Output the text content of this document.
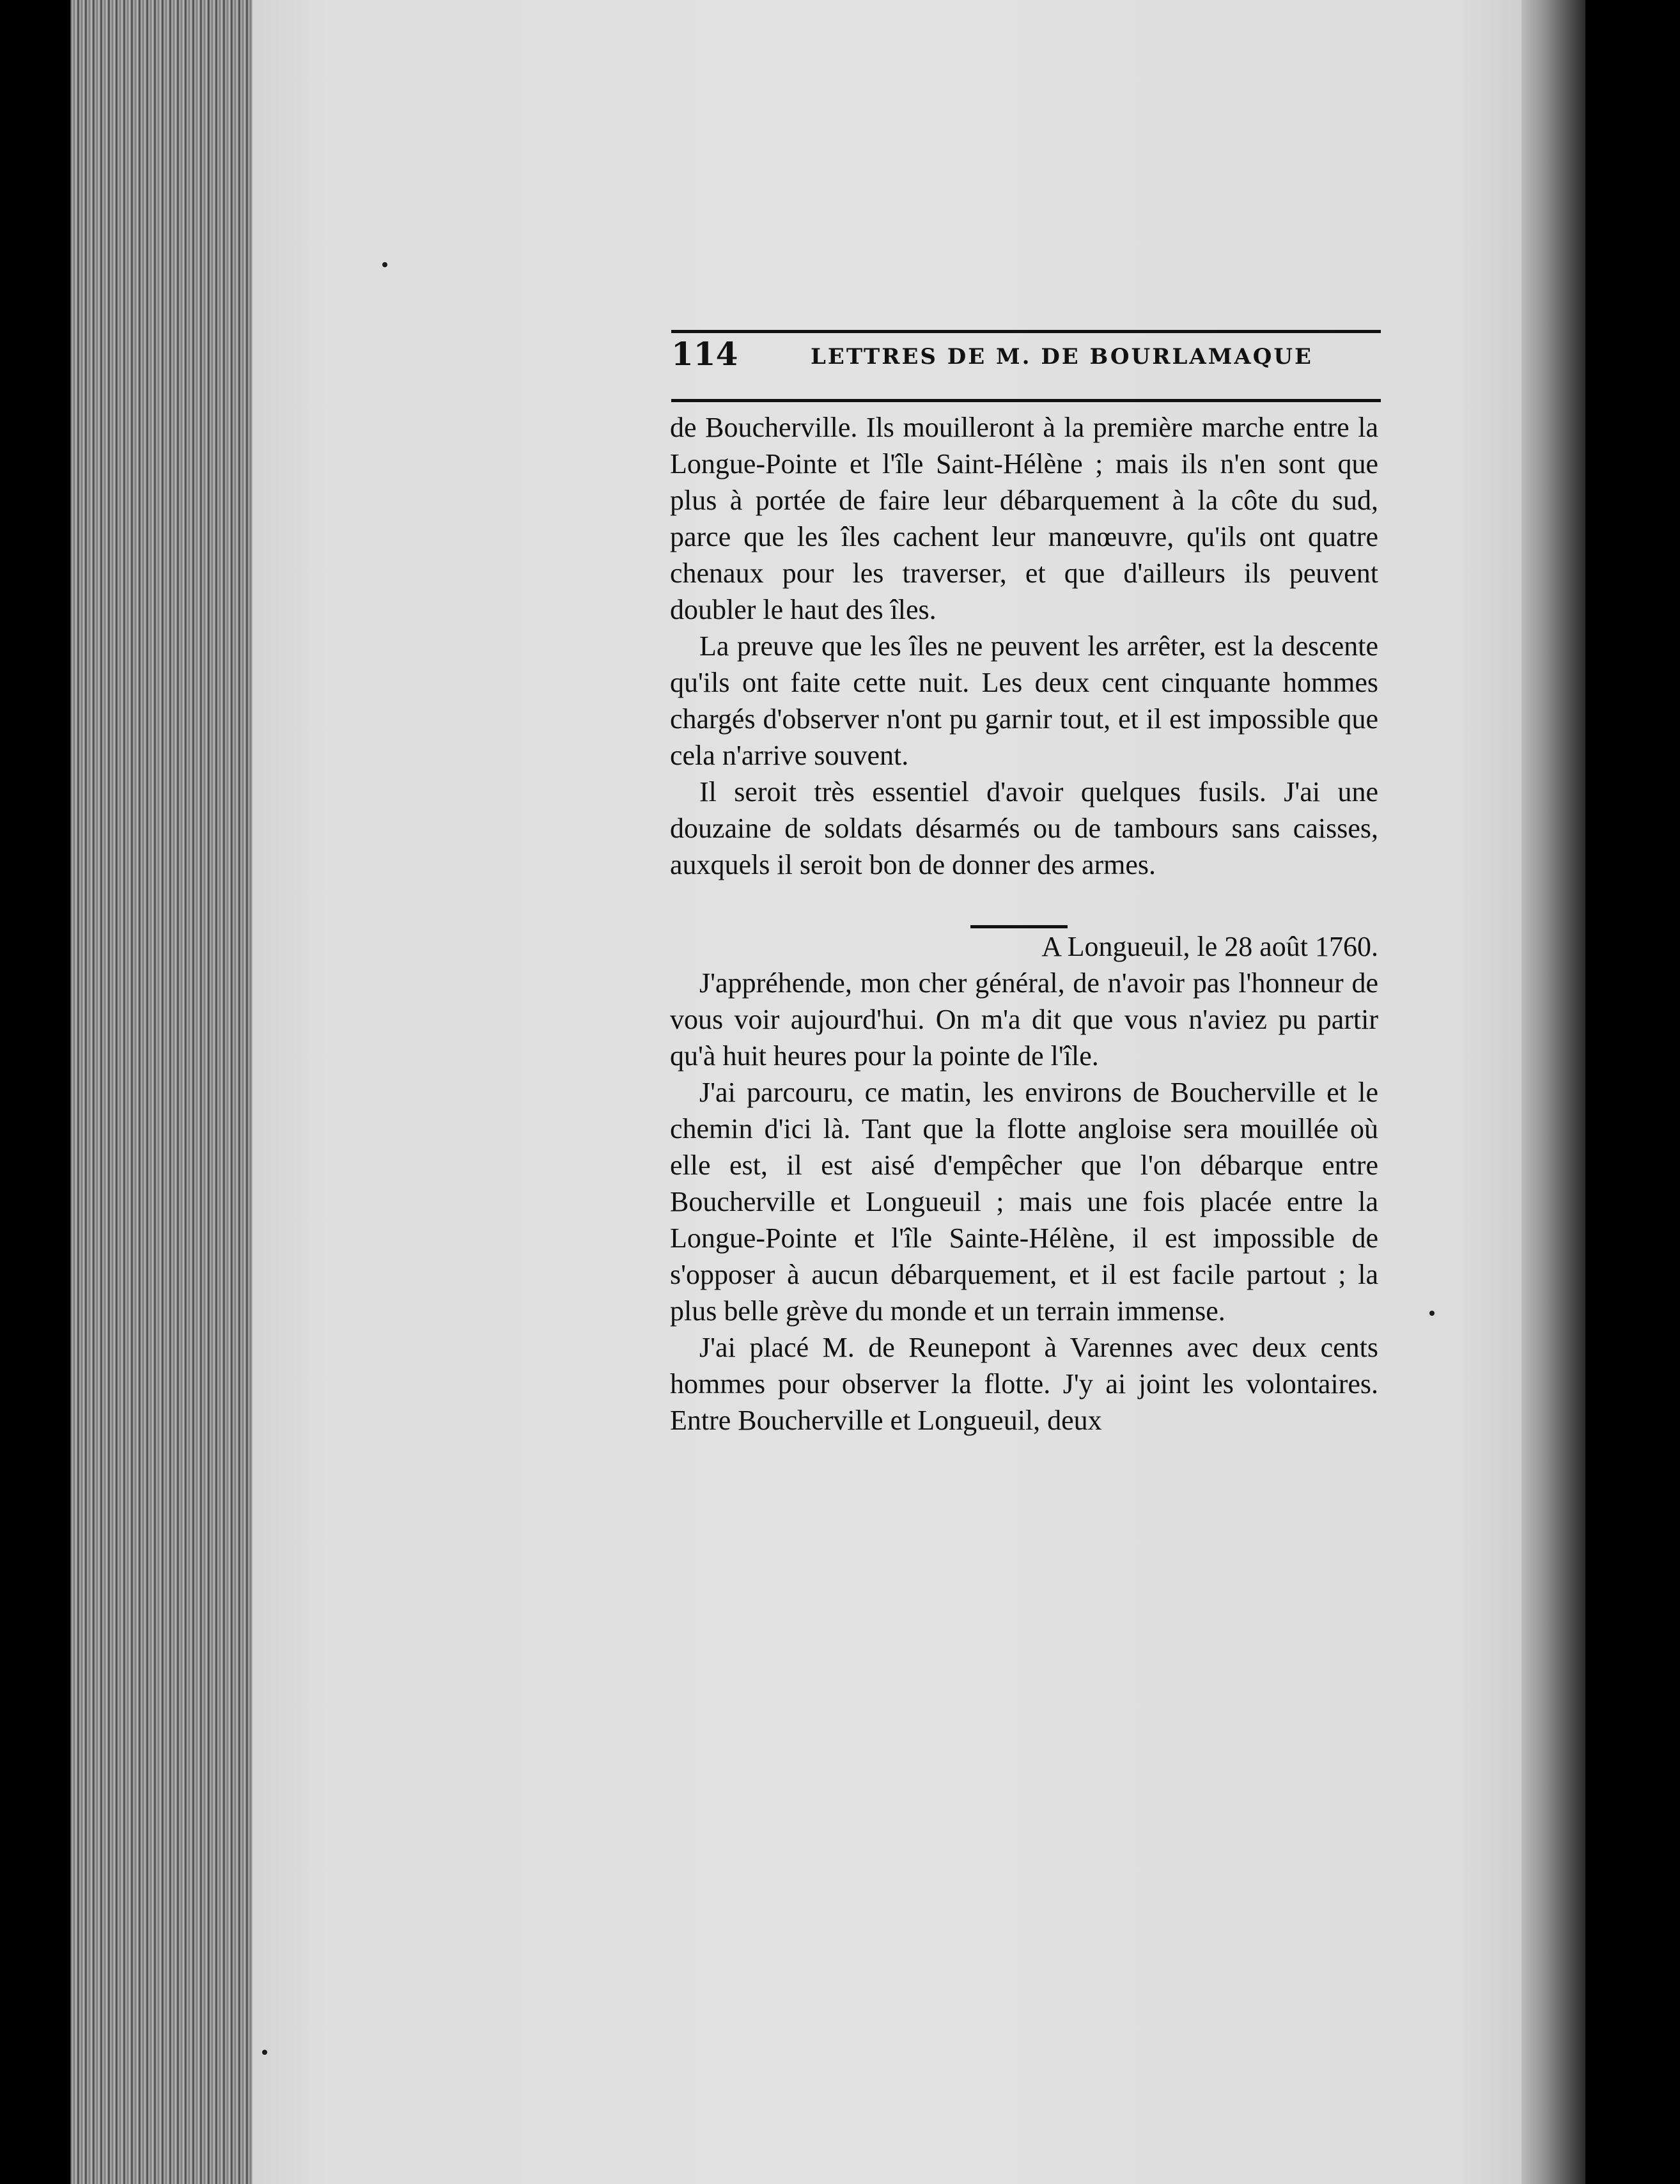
114	LETTRES DE M. DE BOURLAMAQUE

de Boucherville. Ils mouilleront à la première marche entre la Longue-Pointe et l'île Saint-Hélène ; mais ils n'en sont que plus à portée de faire leur débarquement à la côte du sud, parce que les îles cachent leur manœuvre, qu'ils ont quatre chenaux pour les traverser, et que d'ailleurs ils peuvent doubler le haut des îles.

La preuve que les îles ne peuvent les arrêter, est la descente qu'ils ont faite cette nuit. Les deux cent cinquante hommes chargés d'observer n'ont pu garnir tout, et il est impossible que cela n'arrive souvent.

Il seroit très essentiel d'avoir quelques fusils. J'ai une douzaine de soldats désarmés ou de tambours sans caisses, auxquels il seroit bon de donner des armes.

A Longueuil, le 28 août 1760.

J'appréhende, mon cher général, de n'avoir pas l'honneur de vous voir aujourd'hui. On m'a dit que vous n'aviez pu partir qu'à huit heures pour la pointe de l'île.

J'ai parcouru, ce matin, les environs de Boucherville et le chemin d'ici là. Tant que la flotte angloise sera mouillée où elle est, il est aisé d'empêcher que l'on débarque entre Boucherville et Longueuil ; mais une fois placée entre la Longue-Pointe et l'île Sainte-Hélène, il est impossible de s'opposer à aucun débarquement, et il est facile partout ; la plus belle grève du monde et un terrain immense.

J'ai placé M. de Reunepont à Varennes avec deux cents hommes pour observer la flotte. J'y ai joint les volontaires. Entre Boucherville et Longueuil, deux
